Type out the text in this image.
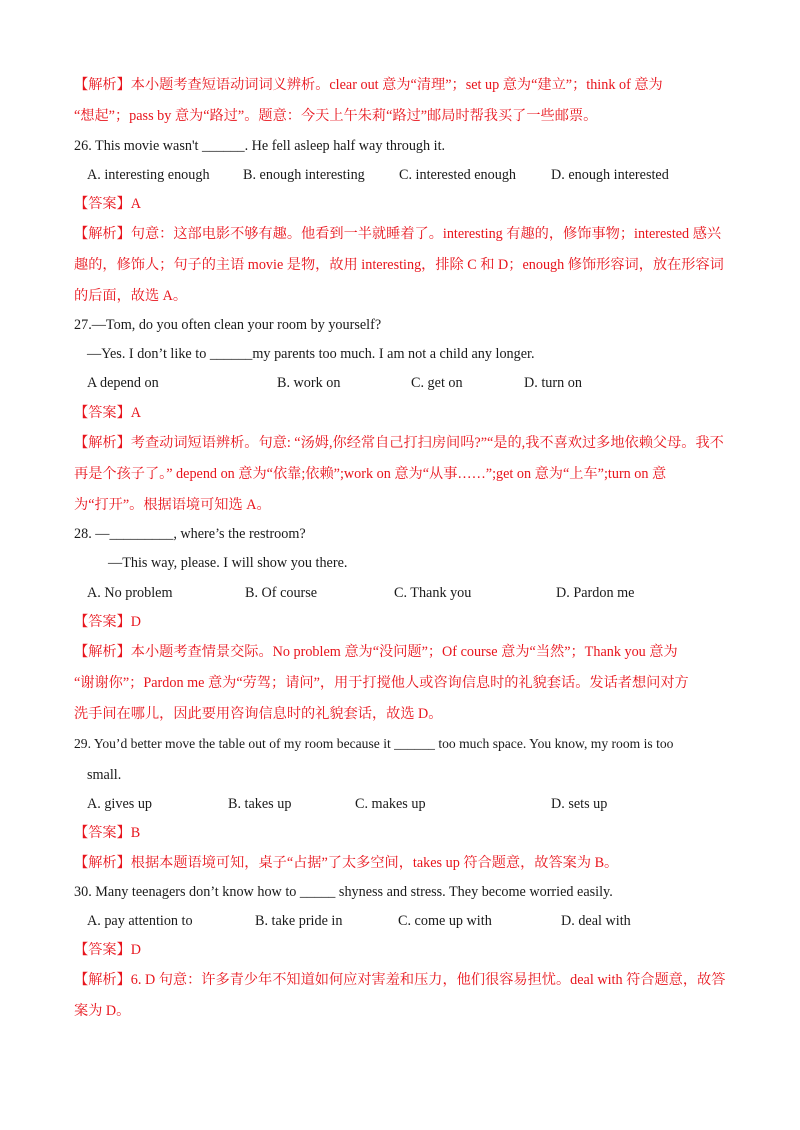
【解析】本小题考查短语动词词义辨析。clear out 意为“清理”；set up 意为“建立”；think of 意为
“想起”；pass by 意为“路过”。题意：今天上午朱莉“路过”邮局时帮我买了一些邮票。
26. This movie wasn't ______. He fell asleep half way through it.
A. interesting enough B. enough interesting C. interested enough D. enough interested
【答案】A
【解析】句意：这部电影不够有趣。他看到一半就睡着了。interesting 有趣的，修饰事物；interested 感兴
趣的，修饰人；句子的主语 movie 是物，故用 interesting，排除 C 和 D；enough 修饰形容词，放在形容词
的后面，故选 A。
27.—Tom, do you often clean your room by yourself?
—Yes. I don’t like to ______my parents too much. I am not a child any longer.
A depend on	B. work on	C. get on	D. turn on
【答案】A
【解析】考查动词短语辨析。句意: “汤姆,你经常自己打扫房间吗?”“是的,我不喜欢过多地依赖父母。我不
再是个孩子了。” depend on 意为“依靠;依赖”;work on 意为“从事……”;get on 意为“上车”;turn on 意
为“打开”。根据语境可知选 A。
28. —_________, where’s the restroom?
—This way, please. I will show you there.
A. No problem	B. Of course	C. Thank you	D. Pardon me
【答案】D
【解析】本小题考查情景交际。No problem 意为“没问题”；Of course 意为“当然”；Thank you 意为
“谢谢你”；Pardon me 意为“劳驾；请问”，用于打搅他人或咨询信息时的礼貌套话。发话者想问对方
洗手间在哪儿，因此要用咨询信息时的礼貌套话，故选 D。
29. You’d better move the table out of my room because it ______ too much space. You know, my room is too
small.
A. gives up	B. takes up	C. makes up	D. sets up
【答案】B
【解析】根据本题语境可知，桌子“占据”了太多空间，takes up 符合题意，故答案为 B。
30. Many teenagers don’t know how to _____ shyness and stress. They become worried easily.
A. pay attention to	B. take pride in	C. come up with	D. deal with
【答案】D
【解析】6. D 句意：许多青少年不知道如何应对害羞和压力，他们很容易担忧。deal with 符合题意，故答
案为 D。
